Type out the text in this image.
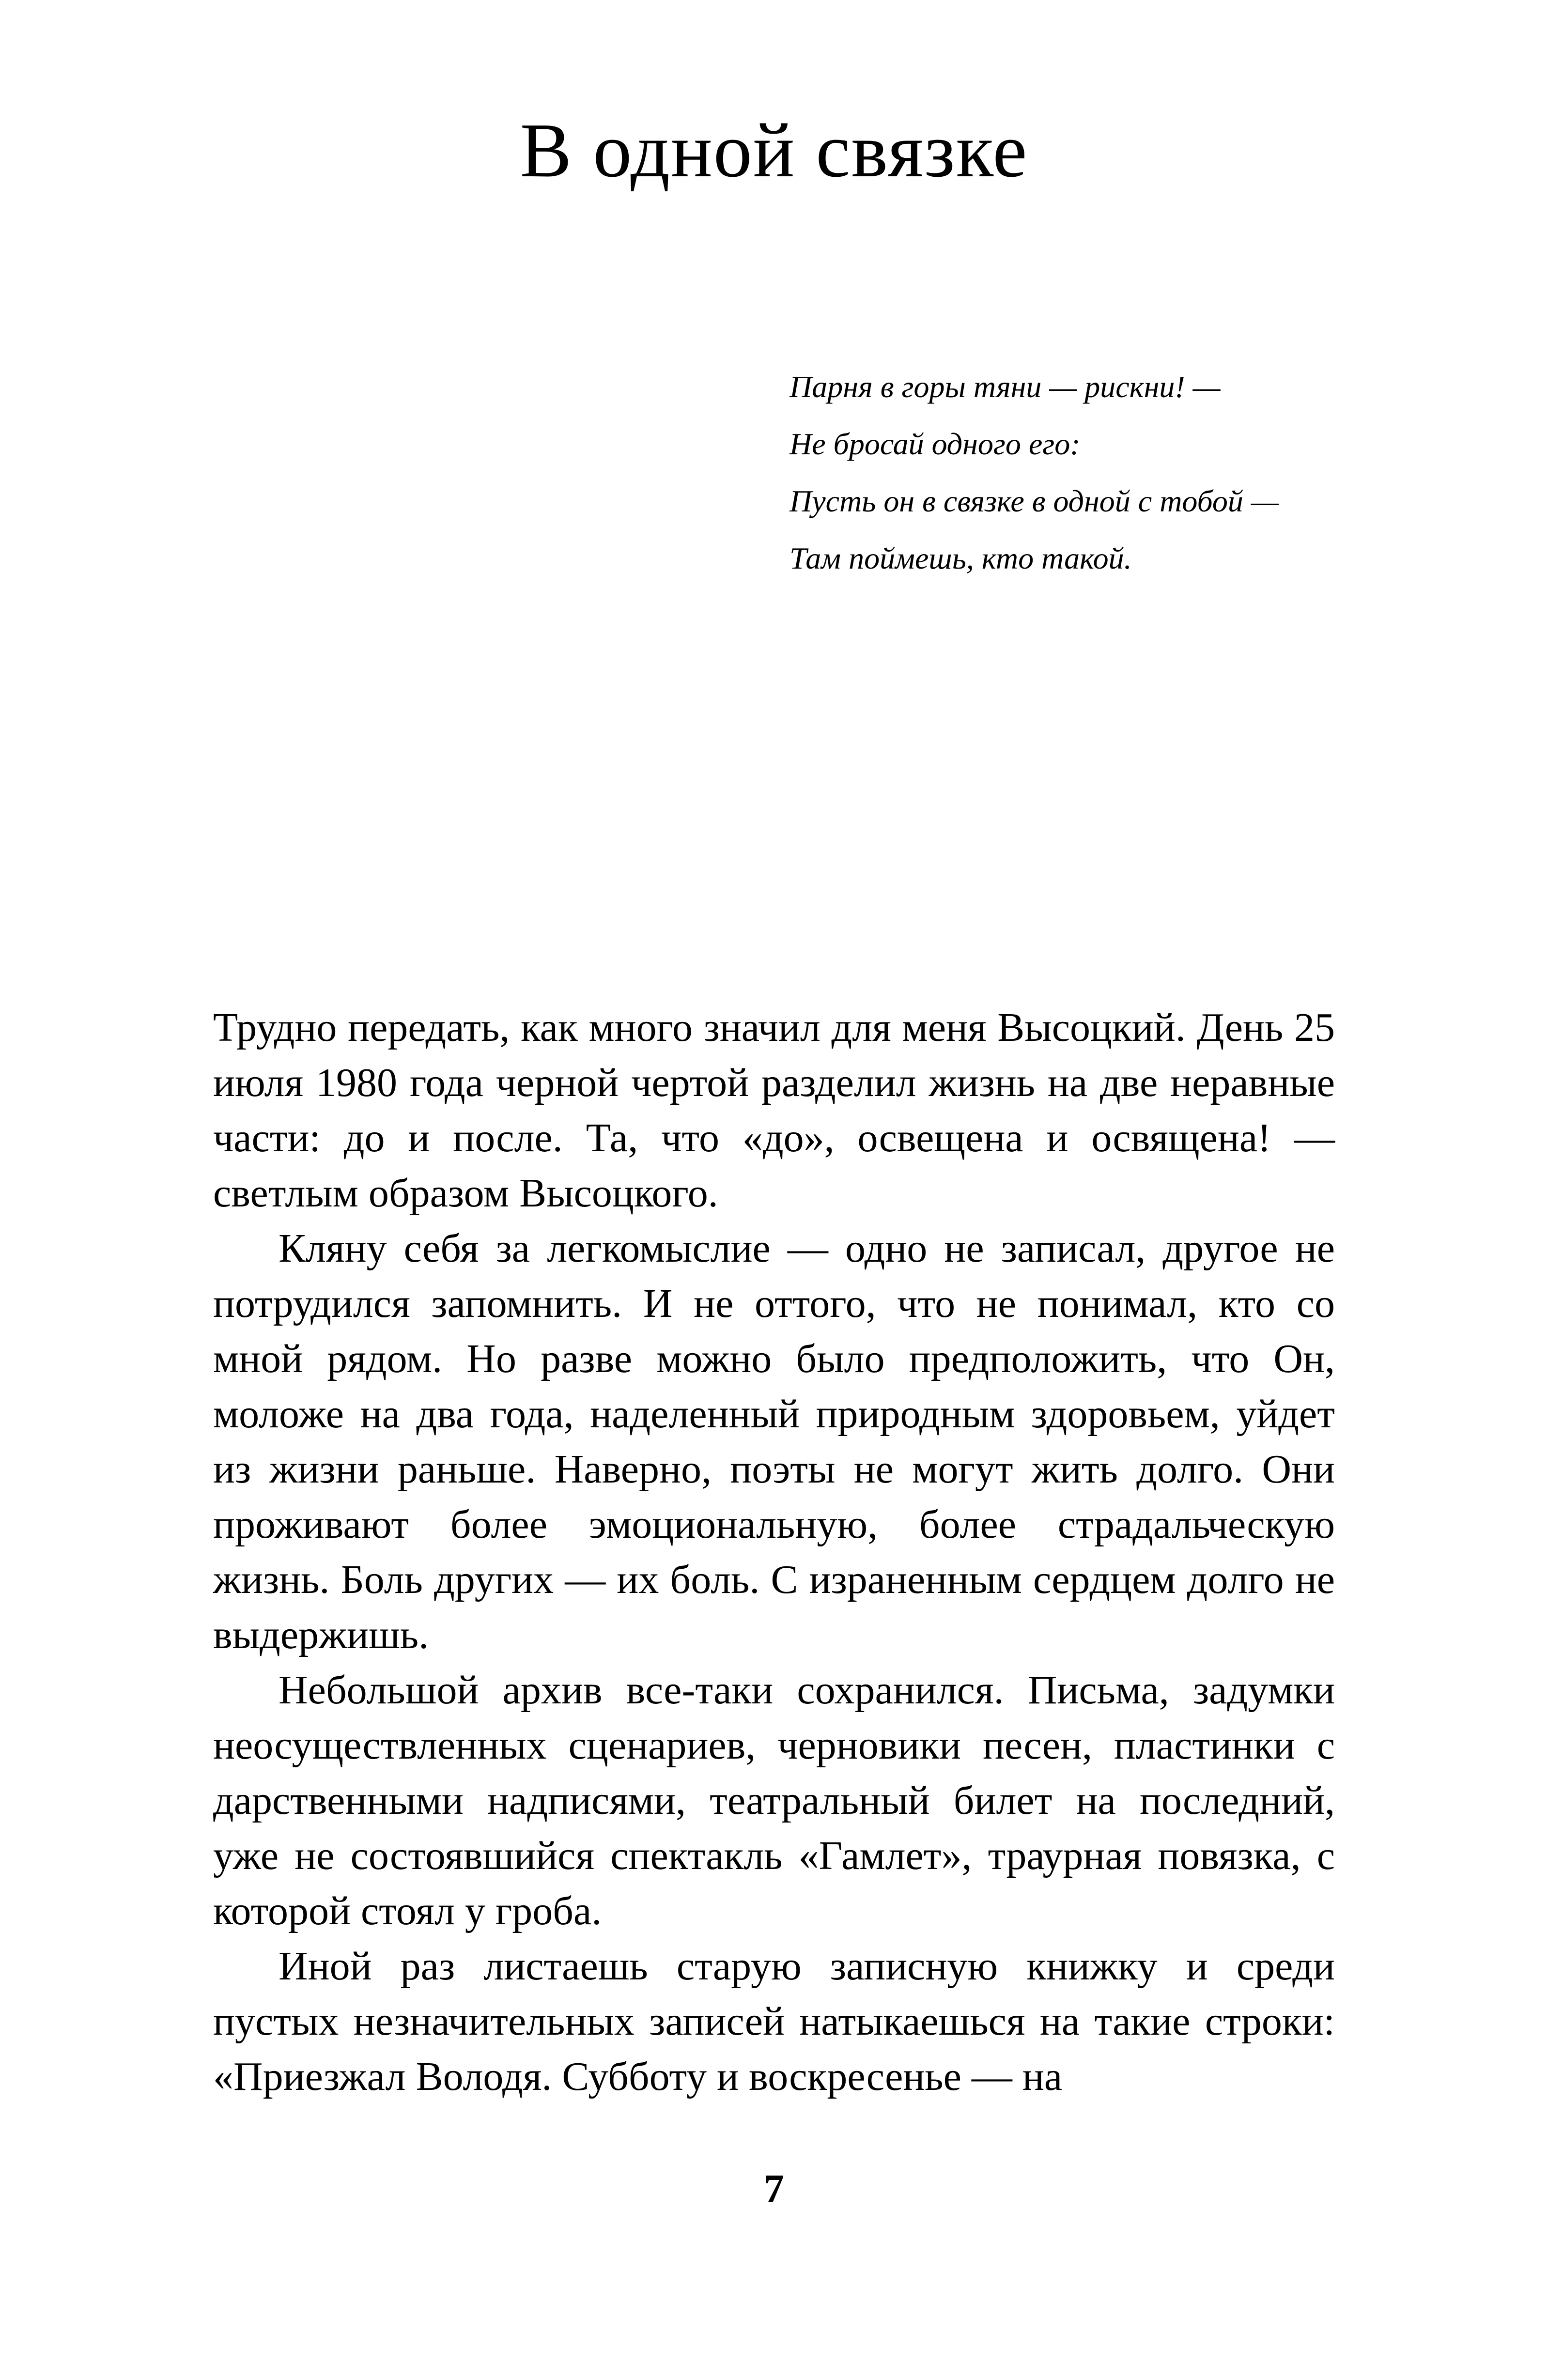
В одной связке
Парня в горы тяни — рискни! —
Не бросай одного его:
Пусть он в связке в одной с тобой —
Там поймешь, кто такой.

Трудно передать, как много значил для меня Высоцкий. День 25 июля 1980 года черной чертой разделил жизнь на две неравные части: до и после. Та, что «до», освещена и освящена! — светлым образом Высоцкого.

Кляну себя за легкомыслие — одно не записал, другое не потрудился запомнить. И не оттого, что не понимал, кто со мной рядом. Но разве можно было предположить, что Он, моложе на два года, наделенный природным здоровьем, уйдет из жизни раньше. Наверно, поэты не могут жить долго. Они проживают более эмоциональную, более страдальческую жизнь. Боль других — их боль. С израненным сердцем долго не выдержишь.

Небольшой архив все-таки сохранился. Письма, задумки неосуществленных сценариев, черновики песен, пластинки с дарственными надписями, театральный билет на последний, уже не состоявшийся спектакль «Гамлет», траурная повязка, с которой стоял у гроба.

Иной раз листаешь старую записную книжку и среди пустых незначительных записей натыкаешься на такие строки: «Приезжал Володя. Субботу и воскресенье — на

7
